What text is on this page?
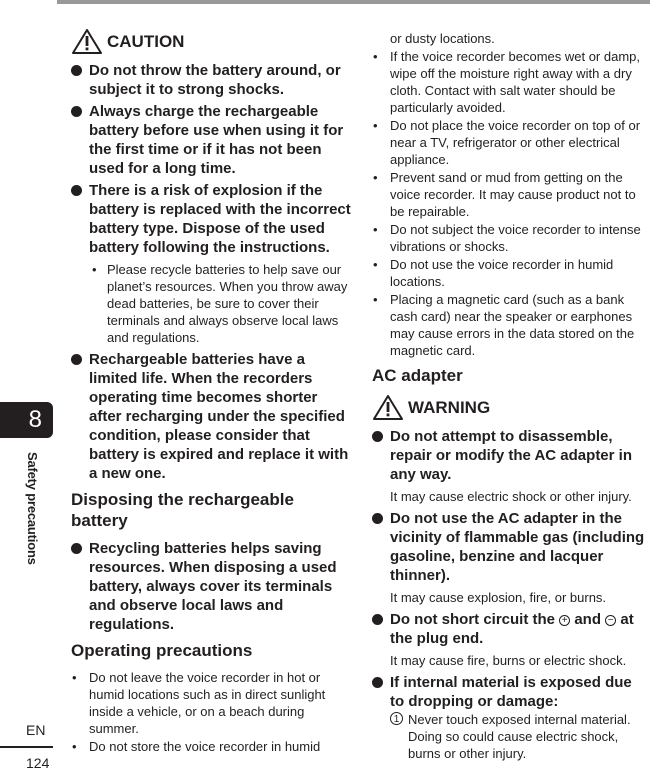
8
Safety precautions
EN
124
CAUTION
Do not throw the battery around, or subject it to strong shocks.
Always charge the rechargeable battery before use when using it for the first time or if it has not been used for a long time.
There is a risk of explosion if the battery is replaced with the incorrect battery type. Dispose of the used battery following the instructions.
• Please recycle batteries to help save our planet’s resources. When you throw away dead batteries, be sure to cover their terminals and always observe local laws and regulations.
Rechargeable batteries have a limited life. When the recorders operating time becomes shorter after recharging under the specified condition, please consider that battery is expired and replace it with a new one.
Disposing the rechargeable battery
Recycling batteries helps saving resources. When disposing a used battery, always cover its terminals and observe local laws and regulations.
Operating precautions
• Do not leave the voice recorder in hot or humid locations such as in direct sunlight inside a vehicle, or on a beach during summer.
• Do not store the voice recorder in humid
or dusty locations.
• If the voice recorder becomes wet or damp, wipe off the moisture right away with a dry cloth. Contact with salt water should be particularly avoided.
• Do not place the voice recorder on top of or near a TV, refrigerator or other electrical appliance.
• Prevent sand or mud from getting on the voice recorder. It may cause product not to be repairable.
• Do not subject the voice recorder to intense vibrations or shocks.
• Do not use the voice recorder in humid locations.
• Placing a magnetic card (such as a bank cash card) near the speaker or earphones may cause errors in the data stored on the magnetic card.
AC adapter
WARNING
Do not attempt to disassemble, repair or modify the AC adapter in any way.
It may cause electric shock or other injury.
Do not use the AC adapter in the vicinity of flammable gas (including gasoline, benzine and lacquer thinner).
It may cause explosion, fire, or burns.
Do not short circuit the + and − at the plug end.
It may cause fire, burns or electric shock.
If internal material is exposed due to dropping or damage:
1 Never touch exposed internal material. Doing so could cause electric shock, burns or other injury.
